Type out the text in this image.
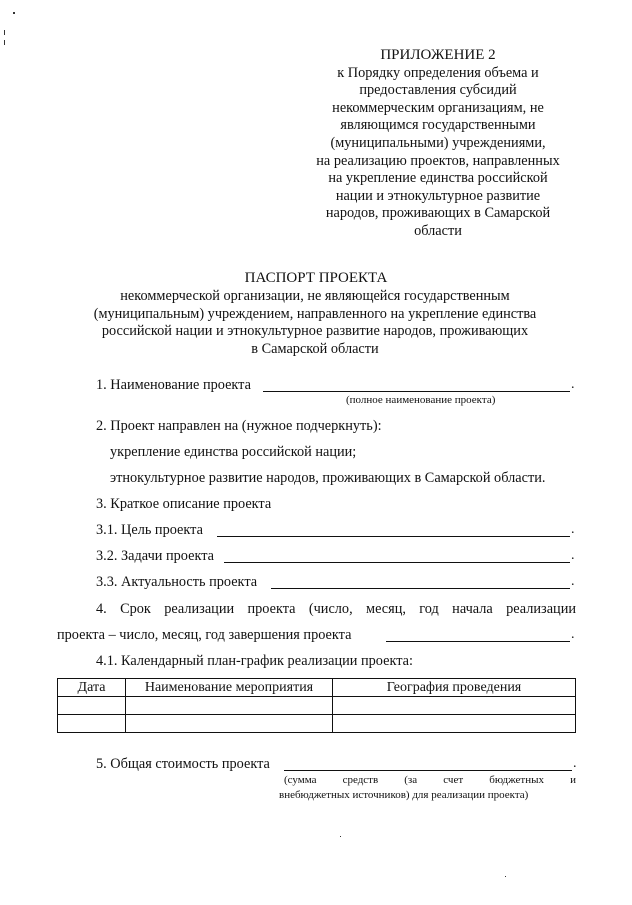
ПРИЛОЖЕНИЕ 2
к Порядку определения объема и
предоставления субсидий
некоммерческим организациям, не
являющимся государственными
(муниципальными) учреждениями,
на реализацию проектов, направленных
на укрепление единства российской
нации и этнокультурное развитие
народов, проживающих в Самарской
области
ПАСПОРТ ПРОЕКТА
некоммерческой организации, не являющейся государственным
(муниципальным) учреждением, направленного на укрепление единства
российской нации и этнокультурное развитие народов, проживающих
в Самарской области
1. Наименование проекта	.
(полное наименование проекта)
2. Проект направлен на (нужное подчеркнуть):
укрепление единства российской нации;
этнокультурное развитие народов, проживающих в Самарской области.
3. Краткое описание проекта
3.1. Цель проекта	.
3.2. Задачи проекта	.
3.3. Актуальность проекта	.
4. Срок реализации проекта (число, месяц, год начала реализации
проекта – число, месяц, год завершения проекта	.
4.1. Календарный план-график реализации проекта:
Дата	Наименование мероприятия	География проведения

5. Общая стоимость проекта	.
(сумма средств (за счет бюджетных и
внебюджетных источников) для реализации проекта)
